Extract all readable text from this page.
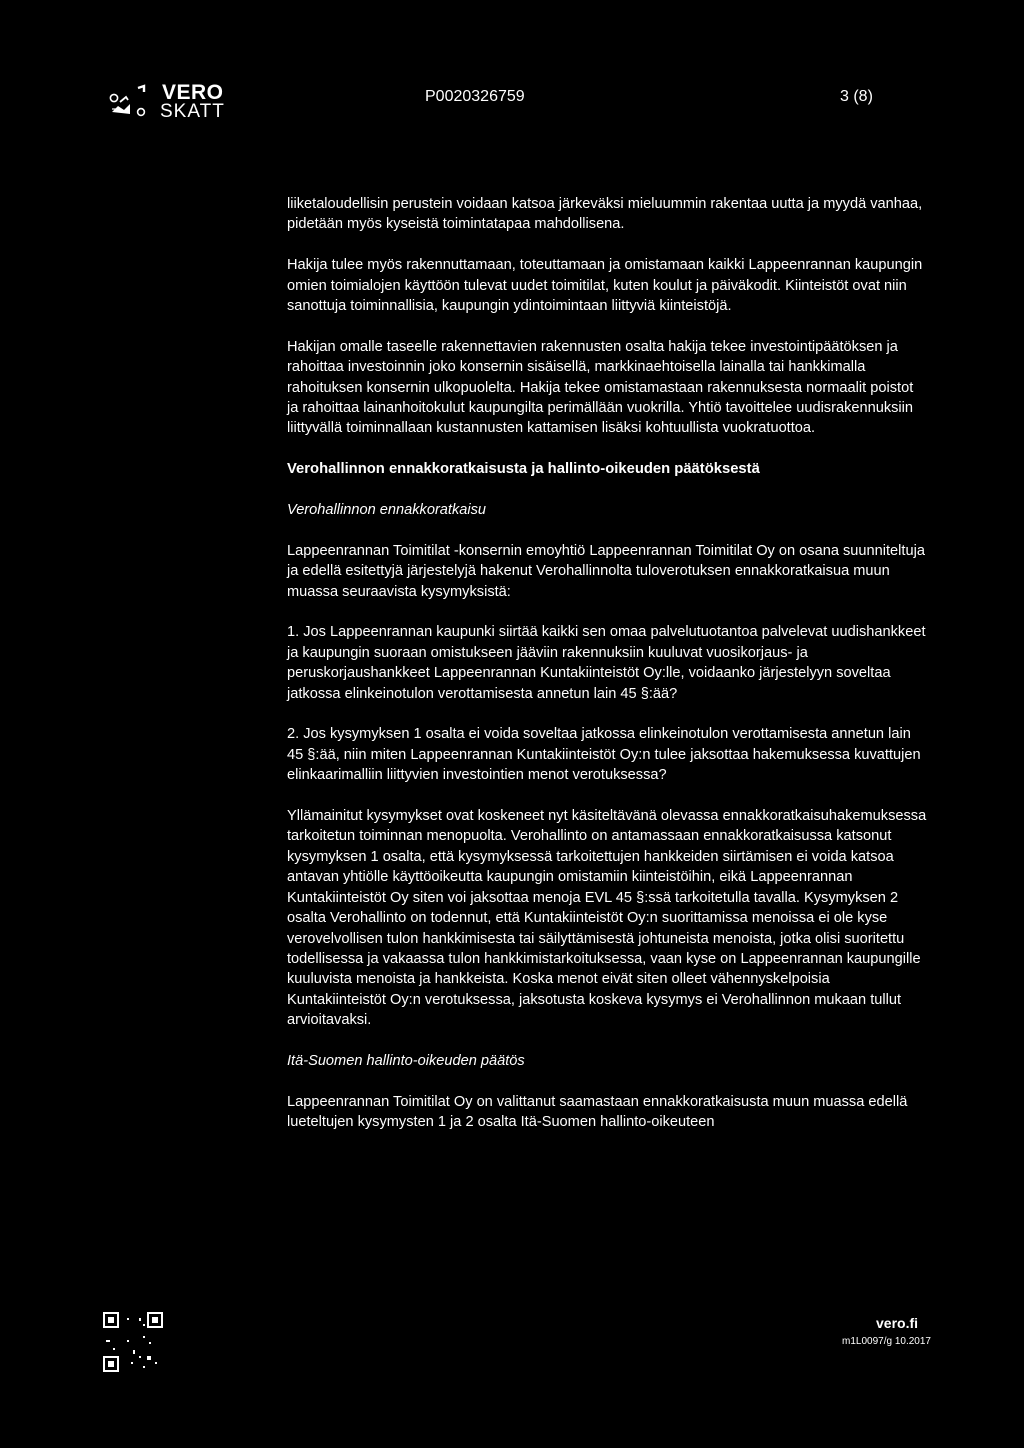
VERO
SKATT
P0020326759	3 (8)

liiketaloudellisin perustein voidaan katsoa järkeväksi mieluummin rakentaa uutta ja myydä vanhaa, pidetään myös kyseistä toimintatapaa mahdollisena.

Hakija tulee myös rakennuttamaan, toteuttamaan ja omistamaan kaikki Lappeenrannan kaupungin omien toimialojen käyttöön tulevat uudet toimitilat, kuten koulut ja päiväkodit. Kiinteistöt ovat niin sanottuja toiminnallisia, kaupungin ydintoimintaan liittyviä kiinteistöjä.

Hakijan omalle taseelle rakennettavien rakennusten osalta hakija tekee investointipäätöksen ja rahoittaa investoinnin joko konsernin sisäisellä, markkinaehtoisella lainalla tai hankkimalla rahoituksen konsernin ulkopuolelta. Hakija tekee omistamastaan rakennuksesta normaalit poistot ja rahoittaa lainanhoitokulut kaupungilta perimällään vuokrilla. Yhtiö tavoittelee uudisrakennuksiin liittyvällä toiminnallaan kustannusten kattamisen lisäksi kohtuullista vuokratuottoa.

Verohallinnon ennakkoratkaisusta ja hallinto-oikeuden päätöksestä

Verohallinnon ennakkoratkaisu

Lappeenrannan Toimitilat -konsernin emoyhtiö Lappeenrannan Toimitilat Oy on osana suunniteltuja ja edellä esitettyjä järjestelyjä hakenut Verohallinnolta tuloverotuksen ennakkoratkaisua muun muassa seuraavista kysymyksistä:

1. Jos Lappeenrannan kaupunki siirtää kaikki sen omaa palvelutuotantoa palvelevat uudishankkeet ja kaupungin suoraan omistukseen jääviin rakennuksiin kuuluvat vuosikorjaus- ja peruskorjaushankkeet Lappeenrannan Kuntakiinteistöt Oy:lle, voidaanko järjestelyyn soveltaa jatkossa elinkeinotulon verottamisesta annetun lain 45 §:ää?

2. Jos kysymyksen 1 osalta ei voida soveltaa jatkossa elinkeinotulon verottamisesta annetun lain 45 §:ää, niin miten Lappeenrannan Kuntakiinteistöt Oy:n tulee jaksottaa hakemuksessa kuvattujen elinkaarimalliin liittyvien investointien menot verotuksessa?

Yllämainitut kysymykset ovat koskeneet nyt käsiteltävänä olevassa ennakkoratkaisuhakemuksessa tarkoitetun toiminnan menopuolta. Verohallinto on antamassaan ennakkoratkaisussa katsonut kysymyksen 1 osalta, että kysymyksessä tarkoitettujen hankkeiden siirtämisen ei voida katsoa antavan yhtiölle käyttöoikeutta kaupungin omistamiin kiinteistöihin, eikä Lappeenrannan Kuntakiinteistöt Oy siten voi jaksottaa menoja EVL 45 §:ssä tarkoitetulla tavalla. Kysymyksen 2 osalta Verohallinto on todennut, että Kuntakiinteistöt Oy:n suorittamissa menoissa ei ole kyse verovelvollisen tulon hankkimisesta tai säilyttämisestä johtuneista menoista, jotka olisi suoritettu todellisessa ja vakaassa tulon hankkimistarkoituksessa, vaan kyse on Lappeenrannan kaupungille kuuluvista menoista ja hankkeista. Koska menot eivät siten olleet vähennyskelpoisia Kuntakiinteistöt Oy:n verotuksessa, jaksotusta koskeva kysymys ei Verohallinnon mukaan tullut arvioitavaksi.

Itä-Suomen hallinto-oikeuden päätös

Lappeenrannan Toimitilat Oy on valittanut saamastaan ennakkoratkaisusta muun muassa edellä lueteltujen kysymysten 1 ja 2 osalta Itä-Suomen hallinto-oikeuteen

vero.fi
m1L0097/g 10.2017
